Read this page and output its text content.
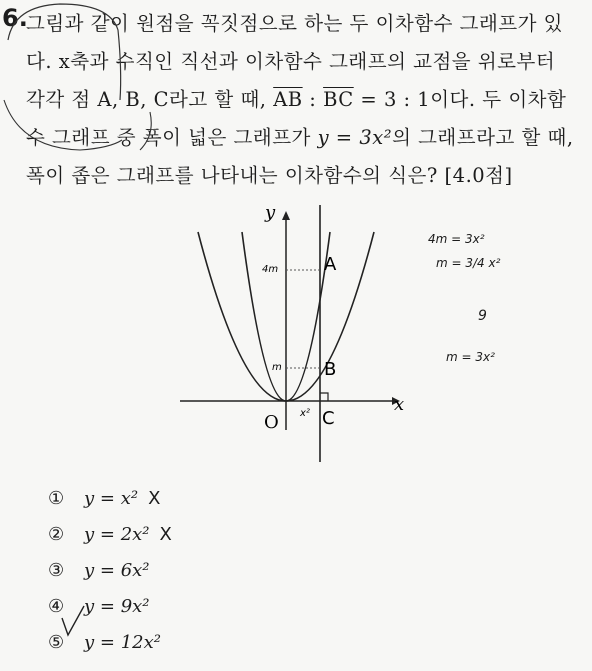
6.
그림과 같이 원점을 꼭짓점으로 하는 두 이차함수 그래프가 있
다. x축과 수직인 직선과 이차함수 그래프의 교점을 위로부터
각각 점 A, B, C라고 할 때, $\overline{AB}$ : $\overline{BC} = 3$ : 1이다. 두 이차함
수 그래프 중 폭이 넓은 그래프가 y = 3x²의 그래프라고 할 때,
폭이 좁은 그래프를 나타내는 이차함수의 식은? [4.0점]
A
B
C
O
x
y
4m
m
x²
4m = 3x²
m = 3/4 x²
9
m = 3x²
①	y = x² X
②	y = 2x² X
③	y = 6x²
④	y = 9x²
⑤	y = 12x²
